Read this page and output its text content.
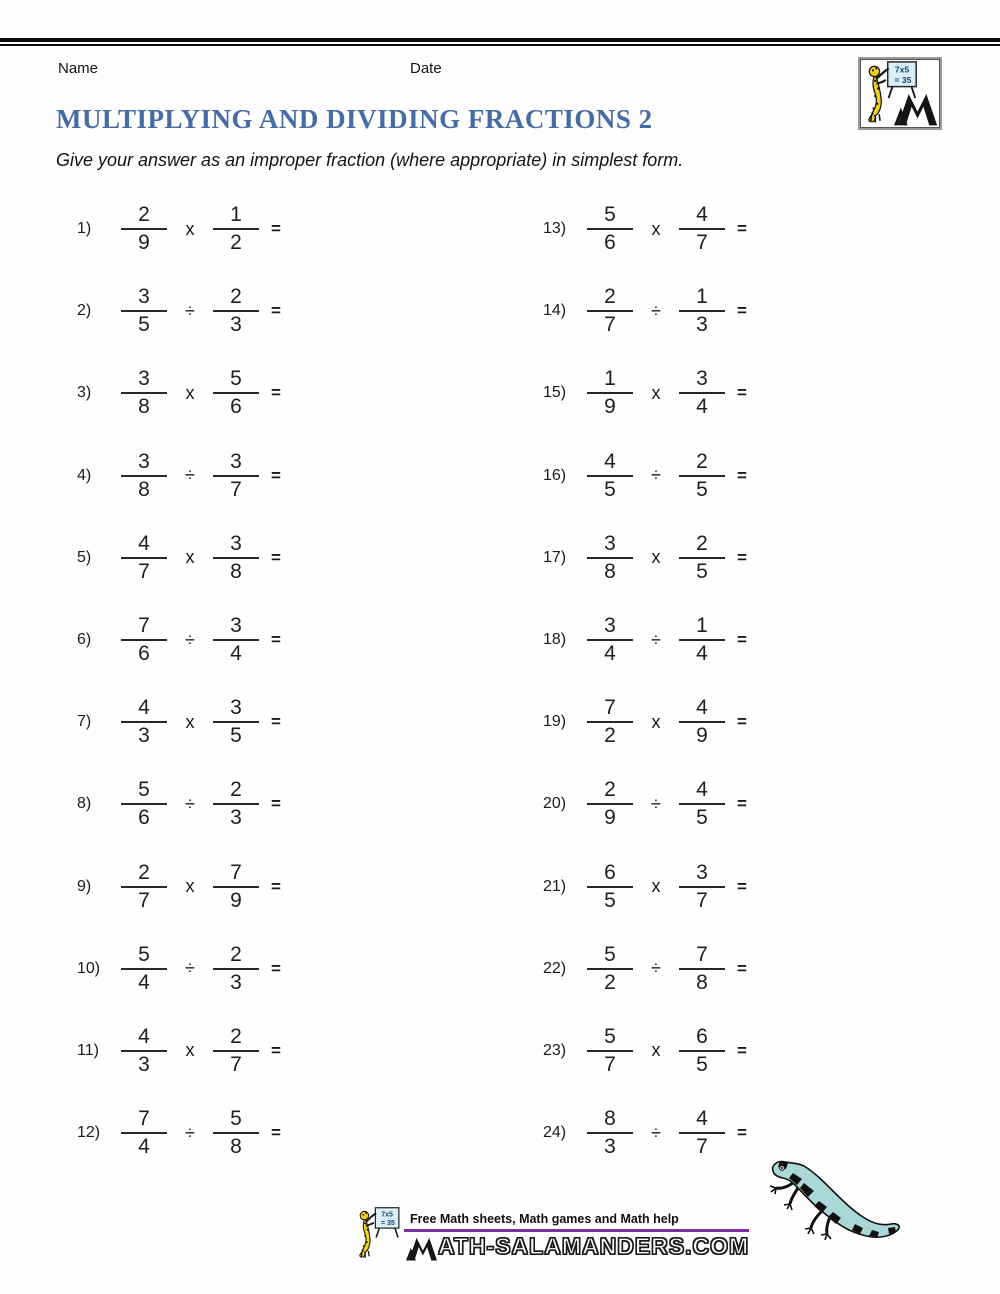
Name	Date
MULTIPLYING AND DIVIDING FRACTIONS 2
Give your answer as an improper fraction (where appropriate) in simplest form.
1)	$\frac{2}{9}$	x $\frac{1}{2}$ =
2)	$\frac{3}{5}$	÷ $\frac{2}{3}$ =
3)	$\frac{3}{8}$	x $\frac{5}{6}$ =
4)	$\frac{3}{8}$	÷ $\frac{3}{7}$ =
5)	$\frac{4}{7}$	x $\frac{3}{8}$ =
6)	$\frac{7}{6}$	÷ $\frac{3}{4}$ =
7)	$\frac{4}{3}$	x $\frac{3}{5}$ =
8)	$\frac{5}{6}$	÷ $\frac{2}{3}$ =
9)	$\frac{2}{7}$	x $\frac{7}{9}$ =
$10) \frac{5}{4}$	÷ $\frac{2}{3}$ =
11)	$\frac{4}{3}$	x $\frac{2}{7}$ =
$12) \frac{7}{4}$	÷ $\frac{5}{8}$ =
$13) \frac{5}{6}$	x $\frac{4}{7}$ =
$14) \frac{2}{7}$	÷ $\frac{1}{3}$ =
$15) \frac{1}{9}$	x $\frac{3}{4}$ =
$16) \frac{4}{5}$	÷ $\frac{2}{5}$ =
$17) \frac{3}{8}$	x $\frac{2}{5}$ =
$18) \frac{3}{4}$	÷ $\frac{1}{4}$ =
$19) \frac{7}{2}$	x $\frac{4}{9}$ =
$20) \frac{2}{9}$	÷ $\frac{4}{5}$ =
$21) \frac{6}{5}$	x $\frac{3}{7}$ =
$22) \frac{5}{2}$	÷ $\frac{7}{8}$ =
$23) \frac{5}{7}$	x $\frac{6}{5}$ =
$24) \frac{8}{3}$	÷ $\frac{4}{7}$ =
Free Math sheets, Math games and Math help
ATH-SALAMANDERS.COM
